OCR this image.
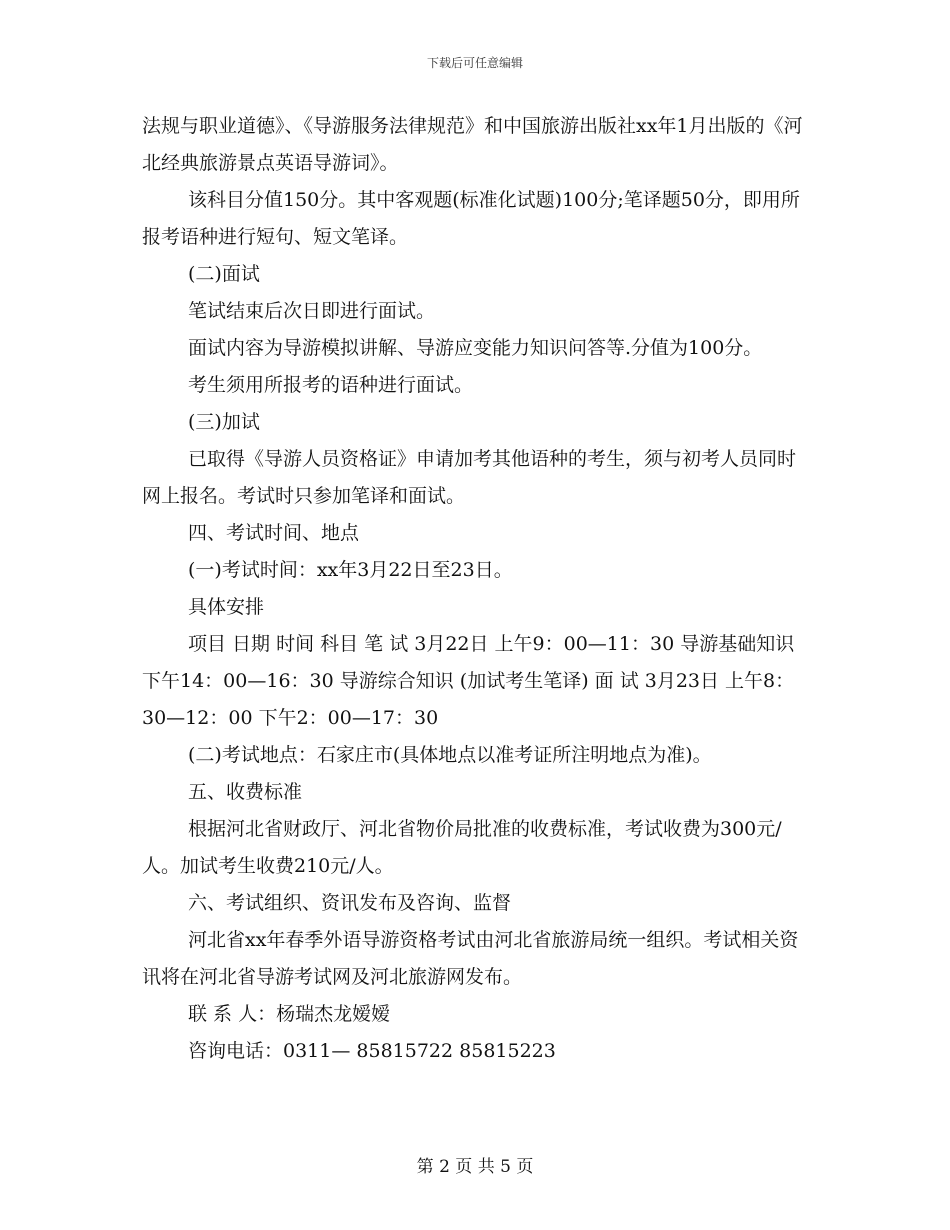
下载后可任意编辑

法规与职业道德》、《导游服务法律规范》和中国旅游出版社xx年1月出版的《河北经典旅游景点英语导游词》。

该科目分值150分。其中客观题(标准化试题)100分;笔译题50分，即用所报考语种进行短句、短文笔译。

(二)面试

笔试结束后次日即进行面试。

面试内容为导游模拟讲解、导游应变能力知识问答等.分值为100分。

考生须用所报考的语种进行面试。

(三)加试

已取得《导游人员资格证》申请加考其他语种的考生，须与初考人员同时网上报名。考试时只参加笔译和面试。

四、考试时间、地点

(一)考试时间：xx年3月22日至23日。

具体安排

项目 日期 时间 科目 笔 试 3月22日 上午9：00—11：30 导游基础知识 下午14：00—16：30 导游综合知识 (加试考生笔译) 面 试 3月23日 上午8：30—12：00 下午2：00—17：30

(二)考试地点：石家庄市(具体地点以准考证所注明地点为准)。

五、收费标准

根据河北省财政厅、河北省物价局批准的收费标准，考试收费为300元/人。加试考生收费210元/人。

六、考试组织、资讯发布及咨询、监督

河北省xx年春季外语导游资格考试由河北省旅游局统一组织。考试相关资讯将在河北省导游考试网及河北旅游网发布。

联 系 人：杨瑞杰龙嫒嫒

咨询电话：0311— 85815722 85815223

第 2 页 共 5 页
